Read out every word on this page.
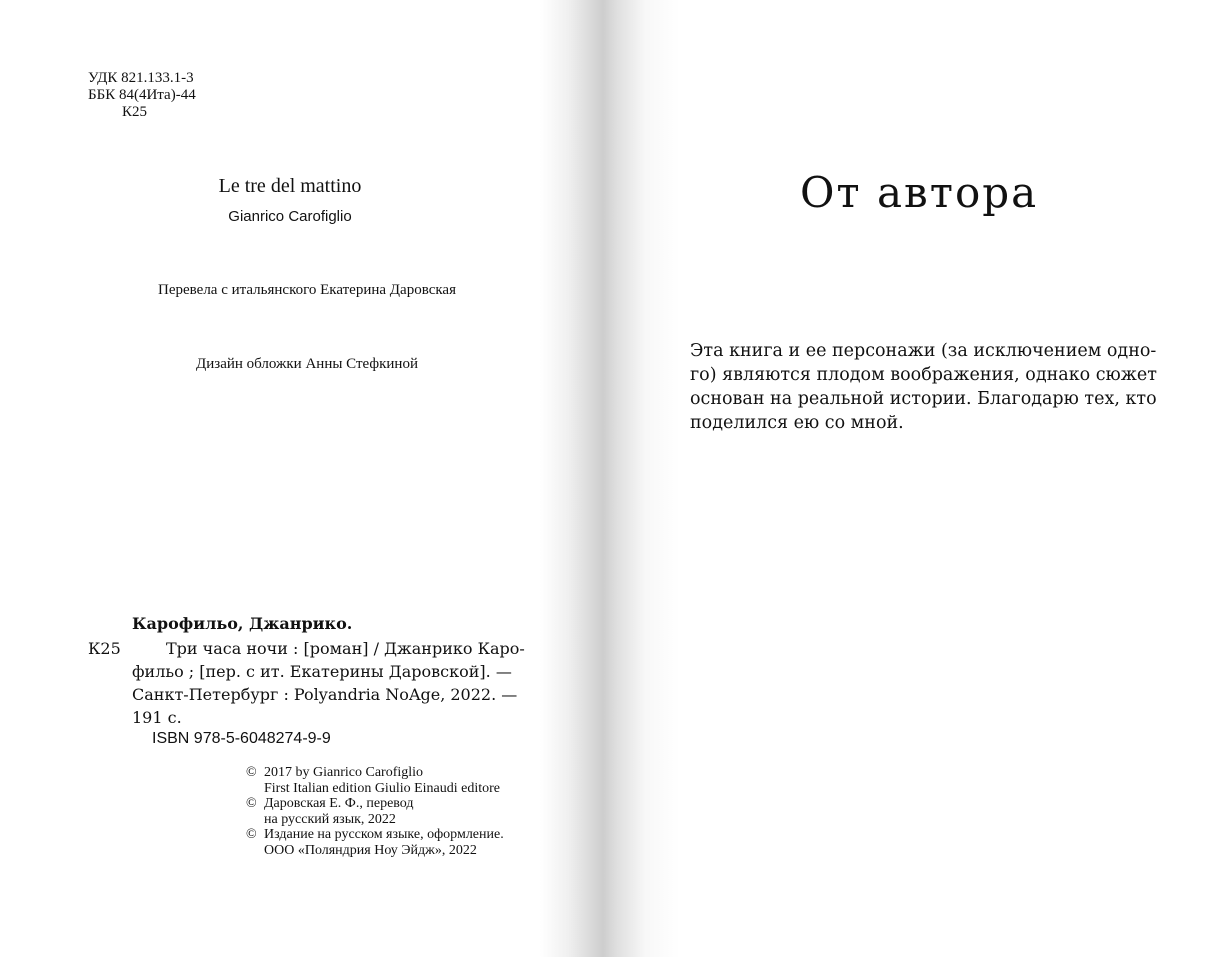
УДК 821.133.1-3
ББК 84(4Ита)-44
К25
Le tre del mattino
Gianrico Carofiglio
Перевела с итальянского Екатерина Даровская
Дизайн обложки Анны Стефкиной
Карофильо, Джанрико.
К25	Три часа ночи : [роман] / Джанрико Каро-
фильо ; [пер. с ит. Екатерины Даровской]. —
Санкт-Петербург : Polyandria NoAge, 2022. —
191 с.
ISBN 978-5-6048274-9-9
© 2017 by Gianrico Carofiglio
First Italian edition Giulio Einaudi editore
© Даровская Е. Ф., перевод
на русский язык, 2022
© Издание на русском языке, оформление.
ООО «Поляндрия Ноу Эйдж», 2022
От автора
Эта книга и ее персонажи (за исключением одно-
го) являются плодом воображения, однако сюжет
основан на реальной истории. Благодарю тех, кто
поделился ею со мной.
